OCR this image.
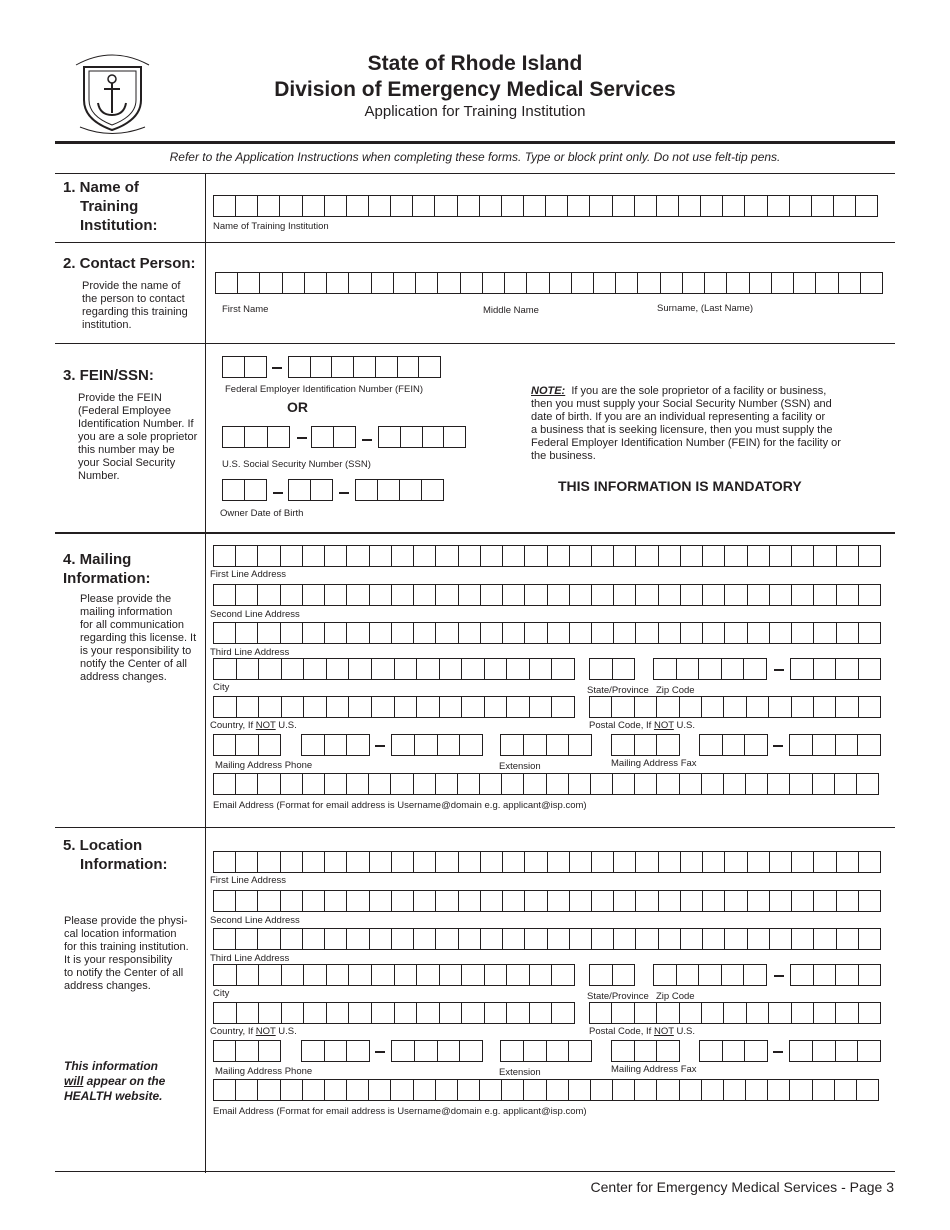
State of Rhode Island
Division of Emergency Medical Services
Application for Training Institution
Refer to the Application Instructions when completing these forms. Type or block print only. Do not use felt-tip pens.
1. Name of
Training
Institution:	Name of Training Institution
2. Contact Person:
Provide the name of
the person to contact
regarding this training
institution.
First Name	Middle Name	Surname, (Last Name)
3. FEIN/SSN:
Provide the FEIN
(Federal Employee
Identification Number. If
you are a sole proprietor
this number may be
your Social Security
Number.
Federal Employer Identification Number (FEIN)
OR
U.S. Social Security Number (SSN)
Owner Date of Birth
NOTE: If you are the sole proprietor of a facility or business,
then you must supply your Social Security Number (SSN) and
date of birth. If you are an individual representing a facility or
a business that is seeking licensure, then you must supply the
Federal Employer Identification Number (FEIN) for the facility or
the business.
THIS INFORMATION IS MANDATORY
4. Mailing
Information:
Please provide the
mailing information
for all communication
regarding this license. It
is your responsibility to
notify the Center of all
address changes.
First Line Address
Second Line Address
Third Line Address
City	State/Province Zip Code
Country, If NOT U.S.	Postal Code, If NOT U.S.
Mailing Address Phone	Extension	Mailing Address Fax
Email Address (Format for email address is Username@domain e.g. applicant@isp.com)
5. Location
Information:
Please provide the physi-
cal location information
for this training institution.
It is your responsibility
to notify the Center of all
address changes.
This information
will appear on the
HEALTH website.
First Line Address
Second Line Address
Third Line Address
City	State/Province Zip Code
Country, If NOT U.S.	Postal Code, If NOT U.S.
Mailing Address Phone	Extension	Mailing Address Fax
Email Address (Format for email address is Username@domain e.g. applicant@isp.com)
Center for Emergency Medical Services - Page 3
